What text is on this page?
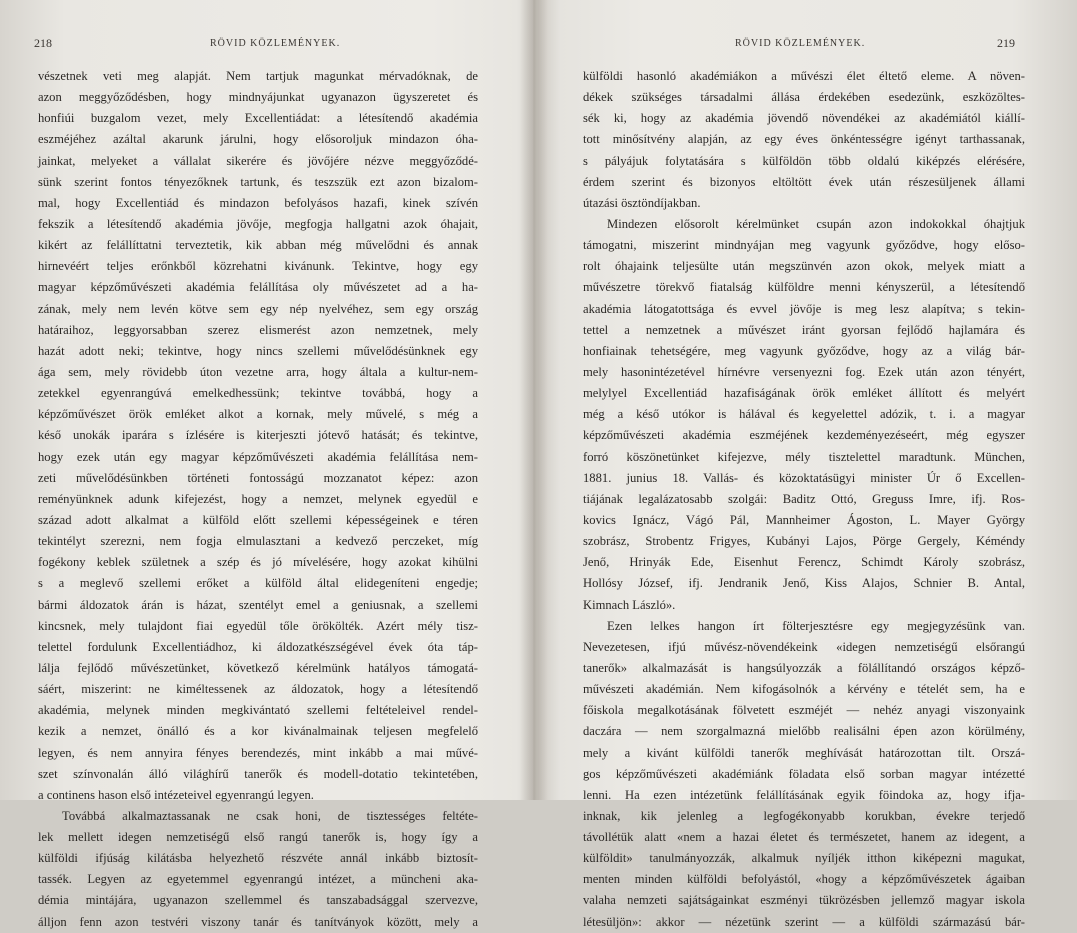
218	RÖVID KÖZLEMÉNYEK.
vészetnek veti meg alapját. Nem tartjuk magunkat mérvadóknak, de
azon meggyőződésben, hogy mindnyájunkat ugyanazon ügyszeretet és
honfiúi buzgalom vezet, mely Excellentiádat: a létesítendő akadémia
eszméjéhez azáltal akarunk járulni, hogy elősoroljuk mindazon óha-
jainkat, melyeket a vállalat sikerére és jövőjére nézve meggyőződé-
sünk szerint fontos tényezőknek tartunk, és teszszük ezt azon bizalom-
mal, hogy Excellentiád és mindazon befolyásos hazafi, kinek szívén
fekszik a létesítendő akadémia jövője, megfogja hallgatni azok óhajait,
kikért az felállíttatni terveztetik, kik abban még művelődni és annak
hirnevéért teljes erőnkből közrehatni kivánunk. Tekintve, hogy egy
magyar képzőművészeti akadémia felállítása oly művészetet ad a ha-
zának, mely nem levén kötve sem egy nép nyelvéhez, sem egy ország
határaihoz, leggyorsabban szerez elismerést azon nemzetnek, mely
hazát adott neki; tekintve, hogy nincs szellemi művelődésünknek egy
ága sem, mely rövidebb úton vezetne arra, hogy általa a kultur-nem-
zetekkel egyenrangúvá emelkedhessünk; tekintve továbbá, hogy a
képzőművészet örök emléket alkot a kornak, mely művelé, s még a
késő unokák iparára s ízlésére is kiterjeszti jótevő hatását; és tekintve,
hogy ezek után egy magyar képzőművészeti akadémia felállítása nem-
zeti művelődésünkben történeti fontosságú mozzanatot képez: azon
reményünknek adunk kifejezést, hogy a nemzet, melynek egyedül e
század adott alkalmat a külföld előtt szellemi képességeinek e téren
tekintélyt szerezni, nem fogja elmulasztani a kedvező perczeket, míg
fogékony keblek születnek a szép és jó mívelésére, hogy azokat kihülni
s a meglevő szellemi erőket a külföld által elidegeníteni engedje;
bármi áldozatok árán is házat, szentélyt emel a geniusnak, a szellemi
kincsnek, mely tulajdont fiai egyedül tőle örökölték. Azért mély tisz-
telettel fordulunk Excellentiádhoz, ki áldozatkészségével évek óta táp-
lálja fejlődő művészetünket, következő kérelmünk hatályos támogatá-
sáért, miszerint: ne kiméltessenek az áldozatok, hogy a létesítendő
akadémia, melynek minden megkivántató szellemi feltételeivel rendel-
kezik a nemzet, önálló és a kor kivánalmainak teljesen megfelelő
legyen, és nem annyira fényes berendezés, mint inkább a mai művé-
szet színvonalán álló világhírű tanerők és modell-dotatio tekintetében,
a continens hason első intézeteivel egyenrangú legyen.
Továbbá alkalmaztassanak ne csak honi, de tisztességes feltéte-
lek mellett idegen nemzetiségű első rangú tanerők is, hogy így a
külföldi ifjúság kilátásba helyezhető részvéte annál inkább biztosít-
tassék. Legyen az egyetemmel egyenrangú intézet, a müncheni aka-
démia mintájára, ugyanazon szellemmel és tanszabadsággal szervezve,
álljon fenn azon testvéri viszony tanár és tanítványok között, mely a
219
RÖVID KÖZLEMÉNYEK.
külföldi hasonló akadémiákon a művészi élet éltető eleme. A növen-
dékek szükséges társadalmi állása érdekében esedezünk, eszközöltes-
sék ki, hogy az akadémia jövendő növendékei az akadémiától kiállí-
tott minősítvény alapján, az egy éves önkéntességre igényt tarthassanak,
s pályájuk folytatására s külföldön több oldalú kiképzés elérésére,
érdem szerint és bizonyos eltöltött évek után részesüljenek állami
útazási ösztöndíjakban.
Mindezen elősorolt kérelmünket csupán azon indokokkal óhajtjuk
támogatni, miszerint mindnyájan meg vagyunk győződve, hogy előso-
rolt óhajaink teljesülte után megszünvén azon okok, melyek miatt a
művészetre törekvő fiatalság külföldre menni kényszerül, a létesítendő
akadémia látogatottsága és evvel jövője is meg lesz alapítva; s tekin-
tettel a nemzetnek a művészet iránt gyorsan fejlődő hajlamára és
honfiainak tehetségére, meg vagyunk győződve, hogy az a világ bár-
mely hasonintézetével hírnévre versenyezni fog. Ezek után azon tényért,
melylyel Excellentiád hazafiságának örök emléket állított és melyért
még a késő utókor is hálával és kegyelettel adózik, t. i. a magyar
képzőművészeti akadémia eszméjének kezdeményezéseért, még egyszer
forró köszönetünket kifejezve, mély tisztelettel maradtunk. München,
1881. junius 18. Vallás- és közoktatásügyi minister Úr ő Excellen-
tiájának legalázatosabb szolgái: Baditz Ottó, Greguss Imre, ifj. Ros-
kovics Ignácz, Vágó Pál, Mannheimer Ágoston, L. Mayer György
szobrász, Strobentz Frigyes, Kubányi Lajos, Pörge Gergely, Kéméndy
Jenő, Hrinyák Ede, Eisenhut Ferencz, Schimdt Károly szobrász,
Hollósy József, ifj. Jendranik Jenő, Kiss Alajos, Schnier B. Antal,
Kimnach László».
Ezen lelkes hangon írt fölterjesztésre egy megjegyzésünk van.
Nevezetesen, ifjú művész-növendékeink «idegen nemzetiségű elsőrangú
tanerők» alkalmazását is hangsúlyozzák a fölállítandó országos képző-
művészeti akadémián. Nem kifogásolnók a kérvény e tételét sem, ha e
főiskola megalkotásának fölvetett eszméjét — nehéz anyagi viszonyaink
daczára — nem szorgalmazná mielőbb realisálni épen azon körülmény,
mely a kivánt külföldi tanerők meghívását határozottan tilt. Orszá-
gos képzőművészeti akadémiánk föladata első sorban magyar intézetté
lenni. Ha ezen intézetünk felállításának egyik föindoka az, hogy ifja-
inknak, kik jelenleg a legfogékonyabb korukban, évekre terjedő
távollétük alatt «nem a hazai életet és természetet, hanem az idegent, a
külföldit» tanulmányozzák, alkalmuk nyíljék itthon kiképezni magukat,
menten minden külföldi befolyástól, «hogy a képzőművészetek ágaiban
valaha nemzeti sajátságainkat eszményi tükrözésben jellemző magyar iskola
létesüljön»: akkor — nézetünk szerint — a külföldi származású bár-
